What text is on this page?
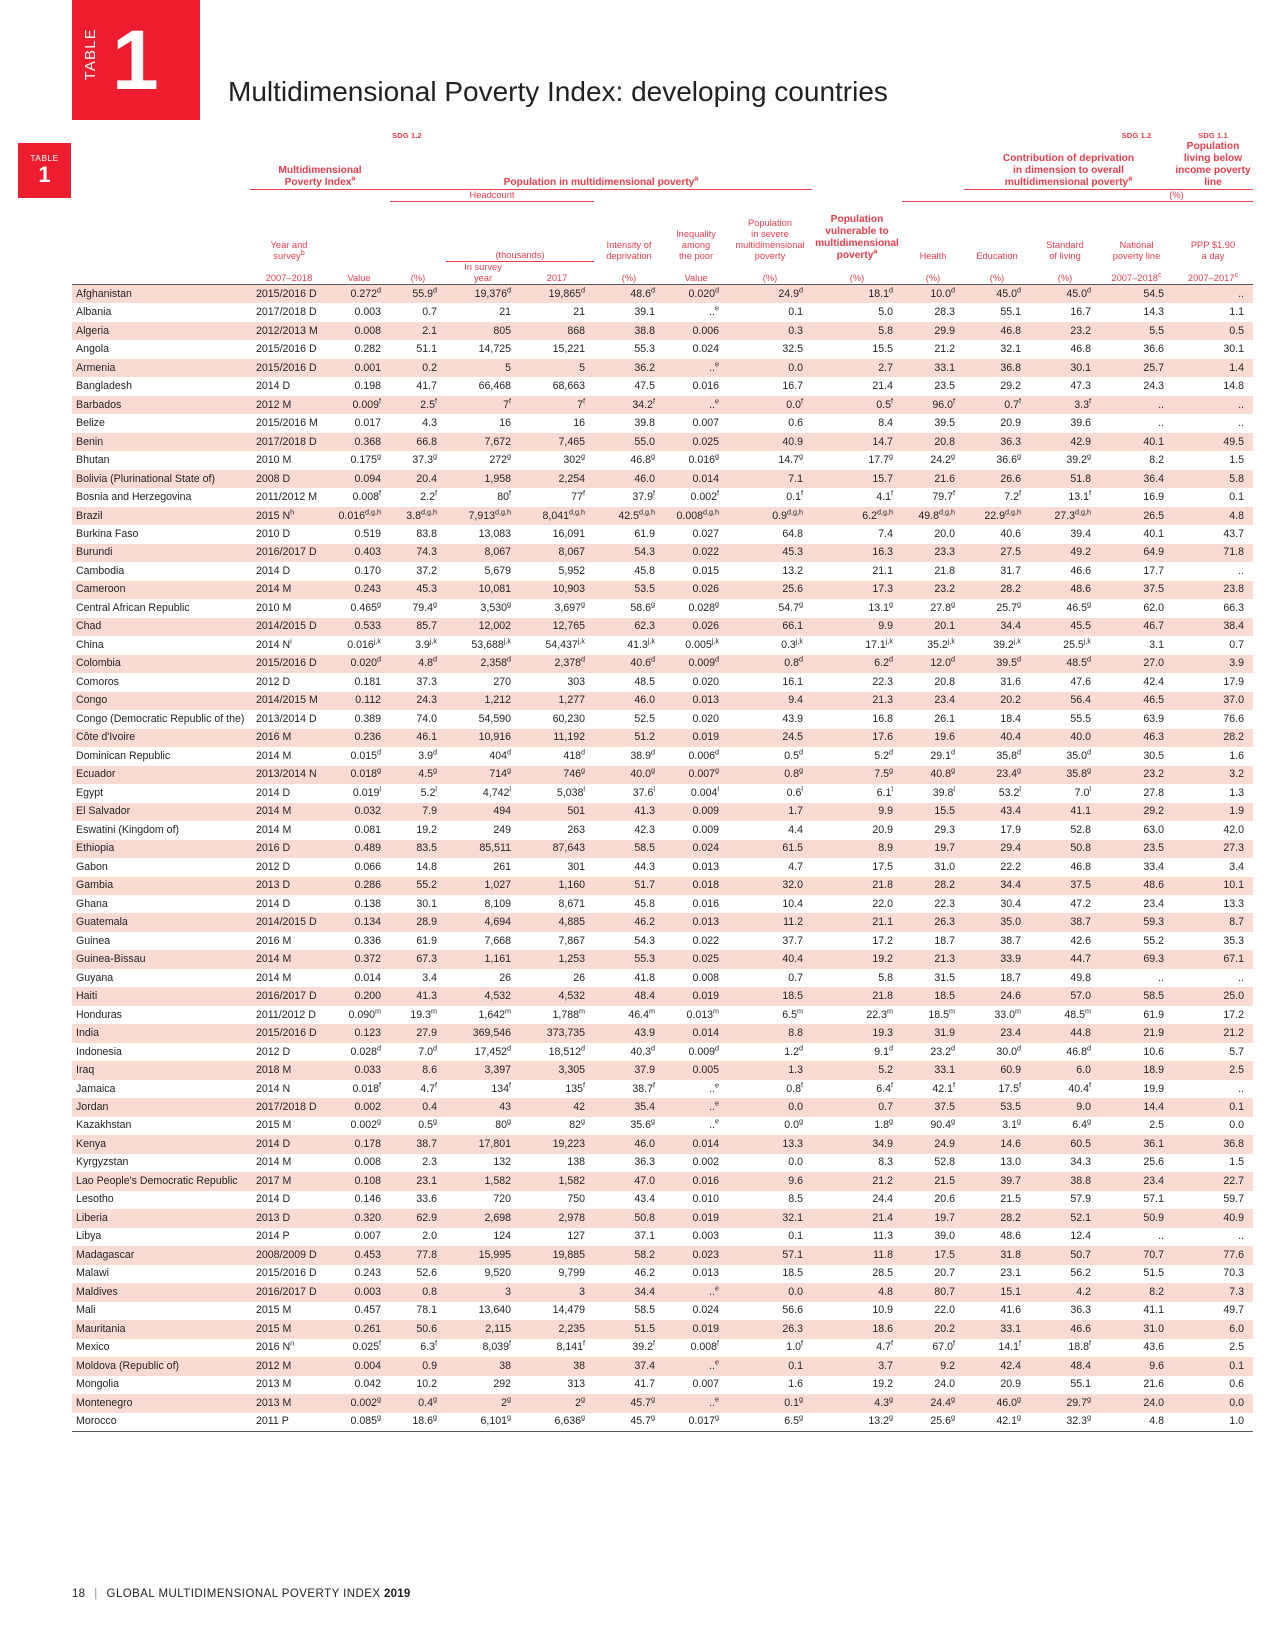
TABLE 1 Multidimensional Poverty Index: developing countries
TABLE
1
			SDG 1.2										SDG 1.2	SDG 1.1

Multidimensional
Poverty Index$^a$		Population in multidimensional poverty$^a$								Contribution of deprivation
in dimension to overall
multidimensional poverty$^a$			Population living below
income poverty line
			Headcount										(%)	

Year and
survey$^b$			(thousands)		Intensity of
deprivation	Inequality
among
the poor	Population
in severe
multidimensional
poverty	Population
vulnerable to
multidimensional
poverty$^a$	Health	Education	Standard
of living	National
poverty line	PPP $1.90
a day
	2007–2018	Value	(%)	In survey
year	2017	(%)	Value	(%)	(%)	(%)	(%)	(%)	2007–2018$^c$	2007–2017$^c$

Afghanistan	2015/2016 D	0.272$^d$	55.9$^d$	19,376$^d$	19,865$^d$	48.6$^d$	0.020$^d$	24.9$^d$	18.1$^d$	10.0$^d$	45.0$^d$	45.0$^d$	54.5	..
Albania	2017/2018 D	0.003	0.7	21	21	39.1	..$^e$	0.1	5.0	28.3	55.1	16.7	14.3	1.1
Algeria	2012/2013 M	0.008	2.1	805	868	38.8	0.006	0.3	5.8	29.9	46.8	23.2	5.5	0.5
Angola	2015/2016 D	0.282	51.1	14,725	15,221	55.3	0.024	32.5	15.5	21.2	32.1	46.8	36.6	30.1
Armenia	2015/2016 D	0.001	0.2	5	5	36.2	..$^e$	0.0	2.7	33.1	36.8	30.1	25.7	1.4
Bangladesh	2014 D	0.198	41.7	66,468	68,663	47.5	0.016	16.7	21.4	23.5	29.2	47.3	24.3	14.8
Barbados	2012 M	0.009$^f$	2.5$^f$	7$^f$	7$^f$	34.2$^f$	..$^e$	0.0$^f$	0.5$^f$	96.0$^f$	0.7$^f$	3.3$^f$	..	..
Belize	2015/2016 M	0.017	4.3	16	16	39.8	0.007	0.6	8.4	39.5	20.9	39.6	..	..
Benin	2017/2018 D	0.368	66.8	7,672	7,465	55.0	0.025	40.9	14.7	20.8	36.3	42.9	40.1	49.5
Bhutan	2010 M	0.175$^g$	37.3$^g$	272$^g$	302$^g$	46.8$^g$	0.016$^g$	14.7$^g$	17.7$^g$	24.2$^g$	36.6$^g$	39.2$^g$	8.2	1.5
Bolivia (Plurinational State of)	2008 D	0.094	20.4	1,958	2,254	46.0	0.014	7.1	15.7	21.6	26.6	51.8	36.4	5.8
Bosnia and Herzegovina	2011/2012 M	0.008$^f$	2.2$^f$	80$^f$	77$^f$	37.9$^f$	0.002$^f$	0.1$^f$	4.1$^f$	79.7$^f$	7.2$^f$	13.1$^f$	16.9	0.1
Brazil	2015 $N^h$	0.016$^{d,g,h}$	3.8$^{d,g,h}$	7,913$^{d,g,h}$	8,041$^{d,g,h}$	42.5$^{d,g,h}$	0.008$^{d,g,h}$	0.9$^{d,g,h}$	6.2$^{d,g,h}$	49.8$^{d,g,h}$	22.9$^{d,g,h}$	27.3$^{d,g,h}$	26.5	4.8
Burkina Faso	2010 D	0.519	83.8	13,083	16,091	61.9	0.027	64.8	7.4	20.0	40.6	39.4	40.1	43.7
Burundi	2016/2017 D	0.403	74.3	8,067	8,067	54.3	0.022	45.3	16.3	23.3	27.5	49.2	64.9	71.8
Cambodia	2014 D	0.170	37.2	5,679	5,952	45.8	0.015	13.2	21.1	21.8	31.7	46.6	17.7	..
Cameroon	2014 M	0.243	45.3	10,081	10,903	53.5	0.026	25.6	17.3	23.2	28.2	48.6	37.5	23.8
Central African Republic	2010 M	0.465$^g$	79.4$^g$	3,530$^g$	3,697$^g$	58.6$^g$	0.028$^g$	54.7$^g$	13.1$^g$	27.8$^g$	25.7$^g$	46.5$^g$	62.0	66.3
Chad	2014/2015 D	0.533	85.7	12,002	12,765	62.3	0.026	66.1	9.9	20.1	34.4	45.5	46.7	38.4
China	2014 $N^i$	0.016$^{j,k}$	3.9$^{j,k}$	53,688$^{j,k}$	54,437$^{j,k}$	41.3$^{j,k}$	0.005$^{j,k}$	0.3$^{j,k}$	17.1$^{j,k}$	35.2$^{j,k}$	39.2$^{j,k}$	25.5$^{j,k}$	3.1	0.7
Colombia	2015/2016 D	0.020$^d$	4.8$^d$	2,358$^d$	2,378$^d$	40.6$^d$	0.009$^d$	0.8$^d$	6.2$^d$	12.0$^d$	39.5$^d$	48.5$^d$	27.0	3.9
Comoros	2012 D	0.181	37.3	270	303	48.5	0.020	16.1	22.3	20.8	31.6	47.6	42.4	17.9
Congo	2014/2015 M	0.112	24.3	1,212	1,277	46.0	0.013	9.4	21.3	23.4	20.2	56.4	46.5	37.0
Congo (Democratic Republic of the)	2013/2014 D	0.389	74.0	54,590	60,230	52.5	0.020	43.9	16.8	26.1	18.4	55.5	63.9	76.6
Côte d'Ivoire	2016 M	0.236	46.1	10,916	11,192	51.2	0.019	24.5	17.6	19.6	40.4	40.0	46.3	28.2
Dominican Republic	2014 M	0.015$^d$	3.9$^d$	404$^d$	418$^d$	38.9$^d$	0.006$^d$	0.5$^d$	5.2$^d$	29.1$^d$	35.8$^d$	35.0$^d$	30.5	1.6
Ecuador	2013/2014 N	0.018$^g$	4.5$^g$	714$^g$	746$^g$	40.0$^g$	0.007$^g$	0.8$^g$	7.5$^g$	40.8$^g$	23.4$^g$	35.8$^g$	23.2	3.2
Egypt	2014 D	0.019$^l$	5.2$^l$	4,742$^l$	5,038$^l$	37.6$^l$	0.004$^l$	0.6$^l$	6.1$^l$	39.8$^l$	53.2$^l$	7.0$^l$	27.8	1.3
El Salvador	2014 M	0.032	7.9	494	501	41.3	0.009	1.7	9.9	15.5	43.4	41.1	29.2	1.9
Eswatini (Kingdom of)	2014 M	0.081	19.2	249	263	42.3	0.009	4.4	20.9	29.3	17.9	52.8	63.0	42.0
Ethiopia	2016 D	0.489	83.5	85,511	87,643	58.5	0.024	61.5	8.9	19.7	29.4	50.8	23.5	27.3
Gabon	2012 D	0.066	14.8	261	301	44.3	0.013	4.7	17.5	31.0	22.2	46.8	33.4	3.4
Gambia	2013 D	0.286	55.2	1,027	1,160	51.7	0.018	32.0	21.8	28.2	34.4	37.5	48.6	10.1
Ghana	2014 D	0.138	30.1	8,109	8,671	45.8	0.016	10.4	22.0	22.3	30.4	47.2	23.4	13.3
Guatemala	2014/2015 D	0.134	28.9	4,694	4,885	46.2	0.013	11.2	21.1	26.3	35.0	38.7	59.3	8.7
Guinea	2016 M	0.336	61.9	7,668	7,867	54.3	0.022	37.7	17.2	18.7	38.7	42.6	55.2	35.3
Guinea-Bissau	2014 M	0.372	67.3	1,161	1,253	55.3	0.025	40.4	19.2	21.3	33.9	44.7	69.3	67.1
Guyana	2014 M	0.014	3.4	26	26	41.8	0.008	0.7	5.8	31.5	18.7	49.8	..	..
Haiti	2016/2017 D	0.200	41.3	4,532	4,532	48.4	0.019	18.5	21.8	18.5	24.6	57.0	58.5	25.0
Honduras	2011/2012 D	0.090$^m$	19.3$^m$	1,642$^m$	1,788$^m$	46.4$^m$	0.013$^m$	6.5$^m$	22.3$^m$	18.5$^m$	33.0$^m$	48.5$^m$	61.9	17.2
India	2015/2016 D	0.123	27.9	369,546	373,735	43.9	0.014	8.8	19.3	31.9	23.4	44.8	21.9	21.2
Indonesia	2012 D	0.028$^d$	7.0$^d$	17,452$^d$	18,512$^d$	40.3$^d$	0.009$^d$	1.2$^d$	9.1$^d$	23.2$^d$	30.0$^d$	46.8$^d$	10.6	5.7
Iraq	2018 M	0.033	8.6	3,397	3,305	37.9	0.005	1.3	5.2	33.1	60.9	6.0	18.9	2.5
Jamaica	2014 N	0.018$^f$	4.7$^f$	134$^f$	135$^f$	38.7$^f$	..$^e$	0.8$^f$	6.4$^f$	42.1$^f$	17.5$^f$	40.4$^f$	19.9	..
Jordan	2017/2018 D	0.002	0.4	43	42	35.4	..$^e$	0.0	0.7	37.5	53.5	9.0	14.4	0.1
Kazakhstan	2015 M	0.002$^g$	0.5$^g$	80$^g$	82$^g$	35.6$^g$	..$^e$	0.0$^g$	1.8$^g$	90.4$^g$	3.1$^g$	6.4$^g$	2.5	0.0
Kenya	2014 D	0.178	38.7	17,801	19,223	46.0	0.014	13.3	34.9	24.9	14.6	60.5	36.1	36.8
Kyrgyzstan	2014 M	0.008	2.3	132	138	36.3	0.002	0.0	8.3	52.8	13.0	34.3	25.6	1.5
Lao People's Democratic Republic	2017 M	0.108	23.1	1,582	1,582	47.0	0.016	9.6	21.2	21.5	39.7	38.8	23.4	22.7
Lesotho	2014 D	0.146	33.6	720	750	43.4	0.010	8.5	24.4	20.6	21.5	57.9	57.1	59.7
Liberia	2013 D	0.320	62.9	2,698	2,978	50.8	0.019	32.1	21.4	19.7	28.2	52.1	50.9	40.9
Libya	2014 P	0.007	2.0	124	127	37.1	0.003	0.1	11.3	39.0	48.6	12.4	..	..
Madagascar	2008/2009 D	0.453	77.8	15,995	19,885	58.2	0.023	57.1	11.8	17.5	31.8	50.7	70.7	77.6
Malawi	2015/2016 D	0.243	52.6	9,520	9,799	46.2	0.013	18.5	28.5	20.7	23.1	56.2	51.5	70.3
Maldives	2016/2017 D	0.003	0.8	3	3	34.4	..$^e$	0.0	4.8	80.7	15.1	4.2	8.2	7.3
Mali	2015 M	0.457	78.1	13,640	14,479	58.5	0.024	56.6	10.9	22.0	41.6	36.3	41.1	49.7
Mauritania	2015 M	0.261	50.6	2,115	2,235	51.5	0.019	26.3	18.6	20.2	33.1	46.6	31.0	6.0
Mexico	2016 $N^n$	0.025$^f$	6.3$^f$	8,039$^f$	8,141$^f$	39.2$^f$	0.008$^f$	1.0$^f$	4.7$^f$	67.0$^f$	14.1$^f$	18.8$^f$	43.6	2.5
Moldova (Republic of)	2012 M	0.004	0.9	38	38	37.4	..$^e$	0.1	3.7	9.2	42.4	48.4	9.6	0.1
Mongolia	2013 M	0.042	10.2	292	313	41.7	0.007	1.6	19.2	24.0	20.9	55.1	21.6	0.6
Montenegro	2013 M	0.002$^g$	0.4$^g$	2$^g$	2$^g$	45.7$^g$	..$^e$	0.1$^g$	4.3$^g$	24.4$^g$	46.0$^g$	29.7$^g$	24.0	0.0
Morocco	2011 P	0.085$^g$	18.6$^g$	6,101$^g$	6,636$^g$	45.7$^g$	0.017$^g$	6.5$^g$	13.2$^g$	25.6$^g$	42.1$^g$	32.3$^g$	4.8	1.0
18 | GLOBAL MULTIDIMENSIONAL POVERTY INDEX 2019
